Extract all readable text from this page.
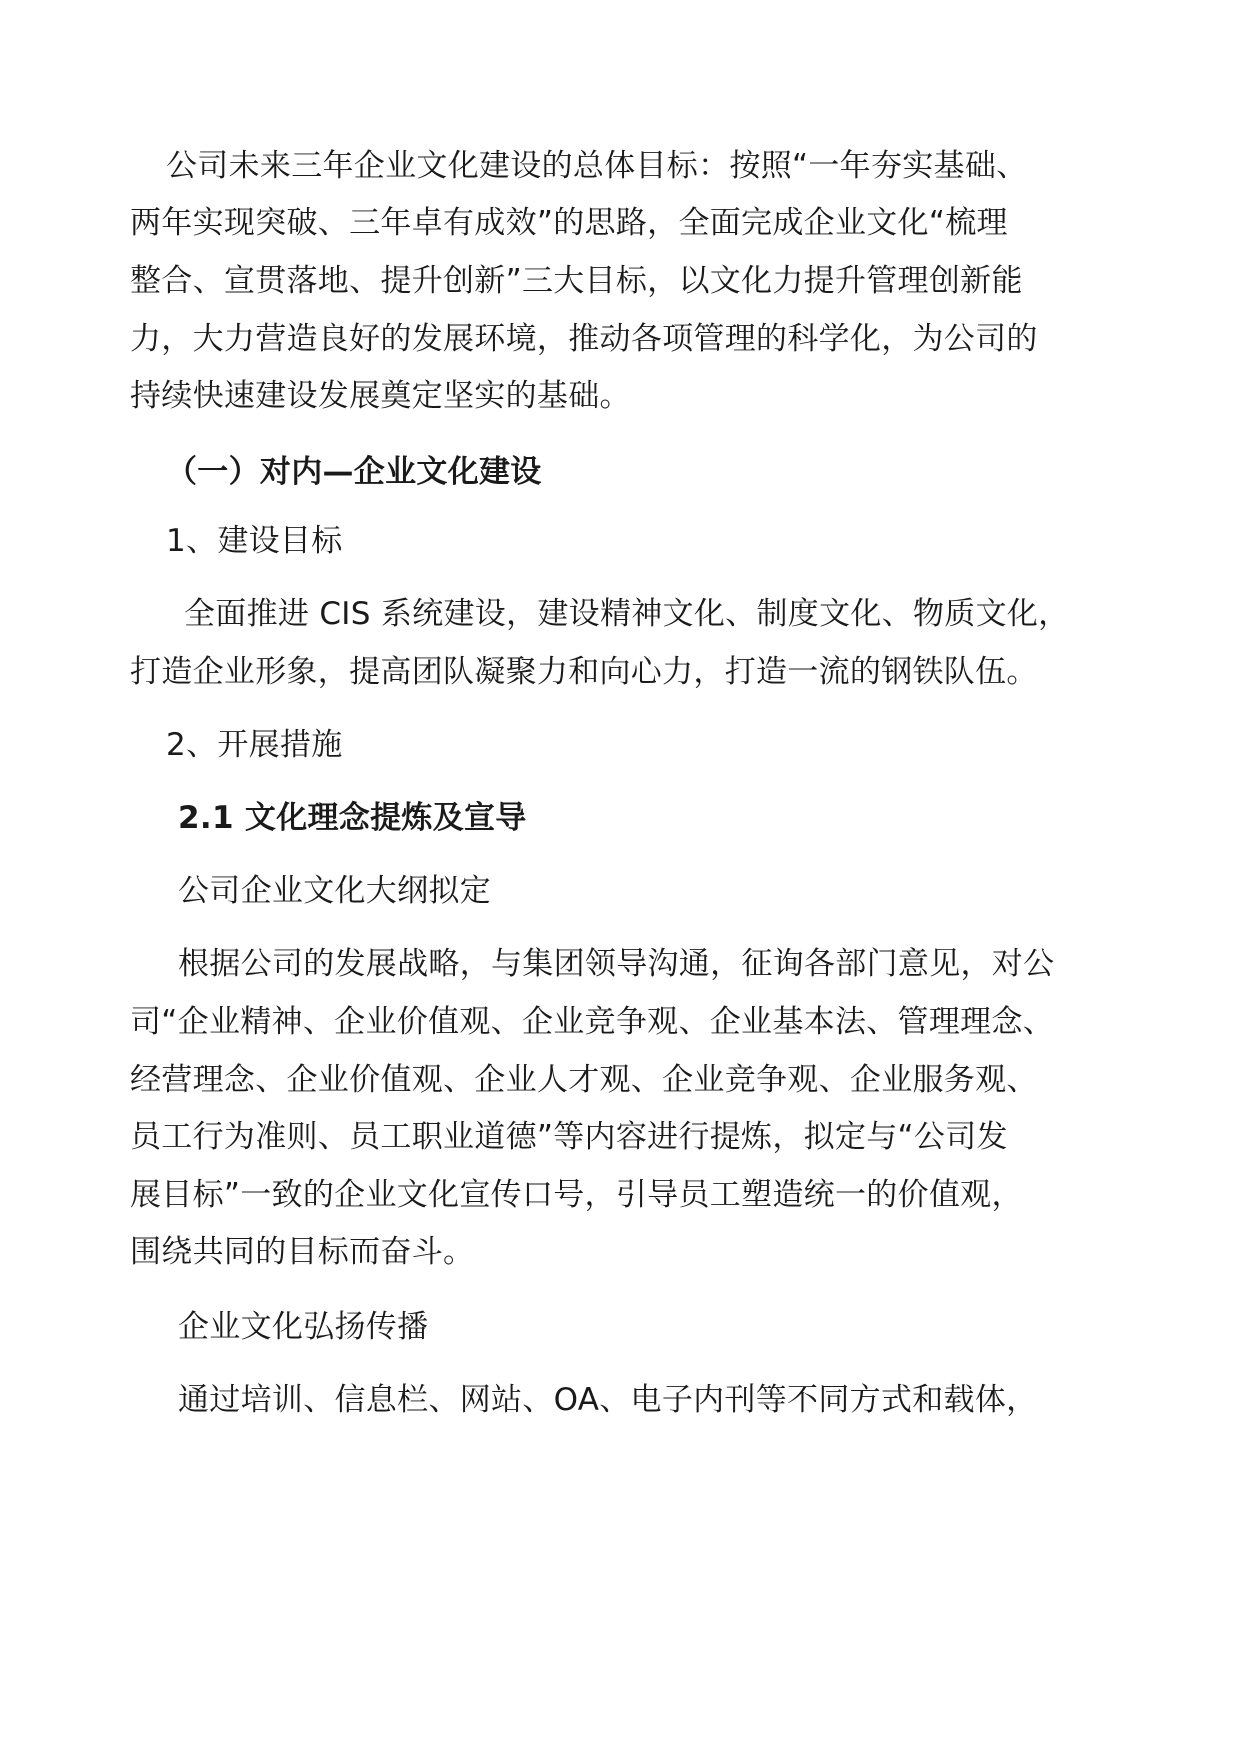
公司未来三年企业文化建设的总体目标：按照“一年夯实基础、
两年实现突破、三年卓有成效”的思路，全面完成企业文化“梳理
整合、宣贯落地、提升创新”三大目标，以文化力提升管理创新能
力，大力营造良好的发展环境，推动各项管理的科学化，为公司的
持续快速建设发展奠定坚实的基础。
（一）对内—企业文化建设
1、建设目标
全面推进 CIS 系统建设，建设精神文化、制度文化、物质文化，
打造企业形象，提高团队凝聚力和向心力，打造一流的钢铁队伍。
2、开展措施
2.1 文化理念提炼及宣导
公司企业文化大纲拟定
根据公司的发展战略，与集团领导沟通，征询各部门意见，对公
司“企业精神、企业价值观、企业竞争观、企业基本法、管理理念、
经营理念、企业价值观、企业人才观、企业竞争观、企业服务观、
员工行为准则、员工职业道德”等内容进行提炼，拟定与“公司发
展目标”一致的企业文化宣传口号，引导员工塑造统一的价值观，
围绕共同的目标而奋斗。
企业文化弘扬传播
通过培训、信息栏、网站、OA、电子内刊等不同方式和载体，
